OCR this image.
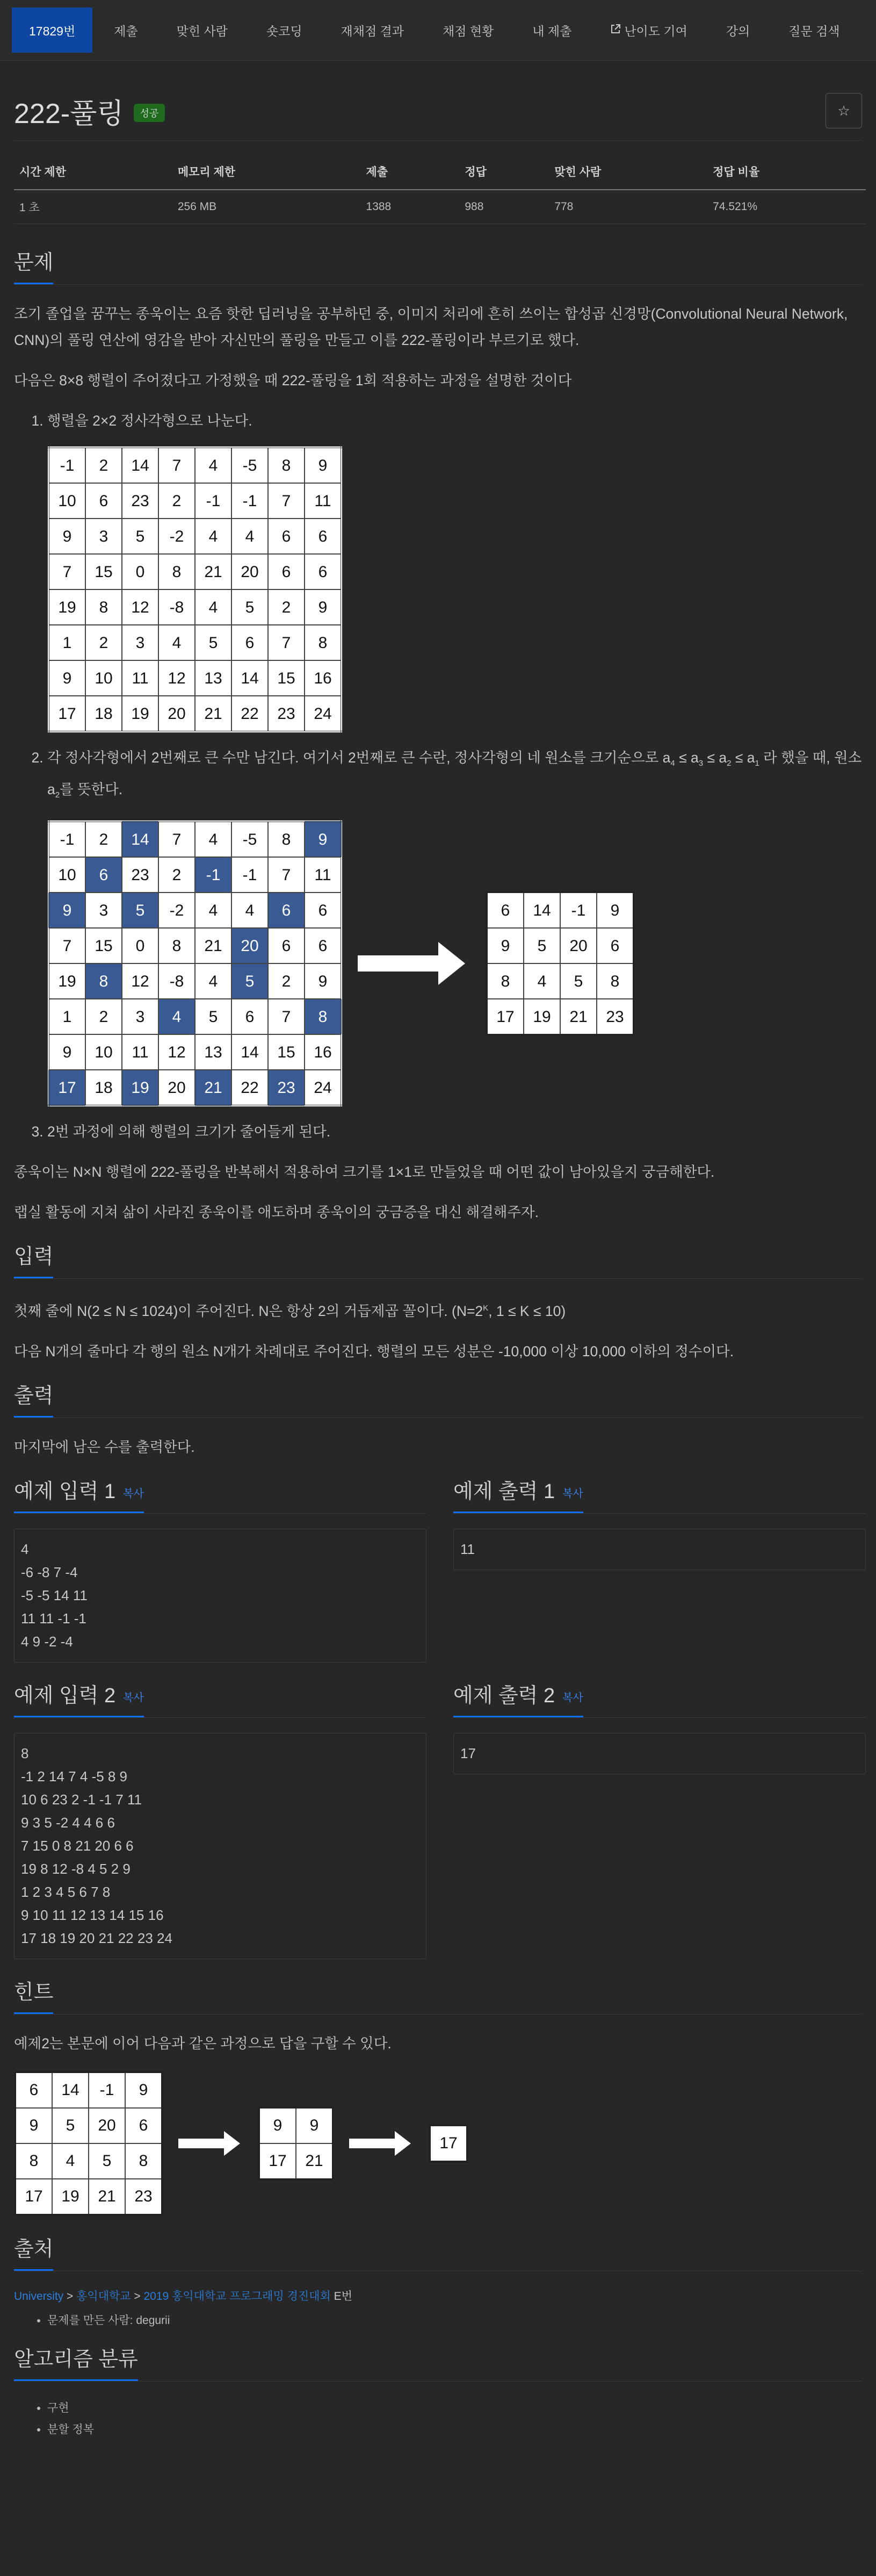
17829번	제출	맞힌 사람	숏코딩	재채점 결과	채점 현황	내 제출	난이도 기여	강의	질문 검색
222-풀링	성공	☆
시간 제한	메모리 제한	제출	정답	맞힌 사람	정답 비율
1 초	256 MB	1388	988	778	74.521%
문제

조기 졸업을 꿈꾸는 종욱이는 요즘 핫한 딥러닝을 공부하던 중, 이미지 처리에 흔히 쓰이는 합성곱 신경망(Convolutional Neural Network, CNN)의 풀링 연산에 영감을 받아 자신만의 풀링을 만들고 이를 222-풀링이라 부르기로 했다.

다음은 8×8 행렬이 주어졌다고 가정했을 때 222-풀링을 1회 적용하는 과정을 설명한 것이다

1. 행렬을 2×2 정사각형으로 나눈다.
-1	2	14	7	4	-5	8	9
10	6	23	2	-1	-1	7	11
9	3	5	-2	4	4	6	6
7	15	0	8	21	20	6	6
19	8	12	-8	4	5	2	9
1	2	3	4	5	6	7	8
9	10	11	12	13	14	15	16
17	18	19	20	21	22	23	24
2. 각 정사각형에서 2번째로 큰 수만 남긴다. 여기서 2번째로 큰 수란, 정사각형의 네 원소를 크기순으로 $a_4 \le a_3 \le a_2 \le a_1$ 라 했을 때, 원소 $a_2$를 뜻한다.
-1	2	14	7	4	-5	8	9
10	6	23	2	-1	-1	7	11
9	3	5	-2	4	4	6	6
7	15	0	8	21	20	6	6
19	8	12	-8	4	5	2	9
1	2	3	4	5	6	7	8
9	10	11	12	13	14	15	16
17	18	19	20	21	22	23	24
6	14	-1	9
9	5	20	6
8	4	5	8
17	19	21	23
3. 2번 과정에 의해 행렬의 크기가 줄어들게 된다.

종욱이는 N×N 행렬에 222-풀링을 반복해서 적용하여 크기를 1×1로 만들었을 때 어떤 값이 남아있을지 궁금해한다.

랩실 활동에 지쳐 삶이 사라진 종욱이를 애도하며 종욱이의 궁금증을 대신 해결해주자.

입력

첫째 줄에 N(2 ≤ N ≤ 1024)이 주어진다. N은 항상 2의 거듭제곱 꼴이다. ($N=2^K$, 1 ≤ K ≤ 10)

다음 N개의 줄마다 각 행의 원소 N개가 차례대로 주어진다. 행렬의 모든 성분은 -10,000 이상 10,000 이하의 정수이다.

출력

마지막에 남은 수를 출력한다.

예제 입력 1 복사
4
-6 -8 7 -4
-5 -5 14 11
11 11 -1 -1
4 9 -2 -4
예제 출력 1 복사
11
예제 입력 2 복사
8
-1 2 14 7 4 -5 8 9
10 6 23 2 -1 -1 7 11
9 3 5 -2 4 4 6 6
7 15 0 8 21 20 6 6
19 8 12 -8 4 5 2 9
1 2 3 4 5 6 7 8
9 10 11 12 13 14 15 16
17 18 19 20 21 22 23 24
예제 출력 2 복사
17
힌트

예제2는 본문에 이어 다음과 같은 과정으로 답을 구할 수 있다.

6	14	-1	9
9	5	20	6
8	4	5	8
17	19	21	23
9	9
17	21
17
출처

University > 홍익대학교 > 2019 홍익대학교 프로그래밍 경진대회 E번

• 문제를 만든 사람: degurii
알고리즘 분류
• 구현
• 분할 정복
